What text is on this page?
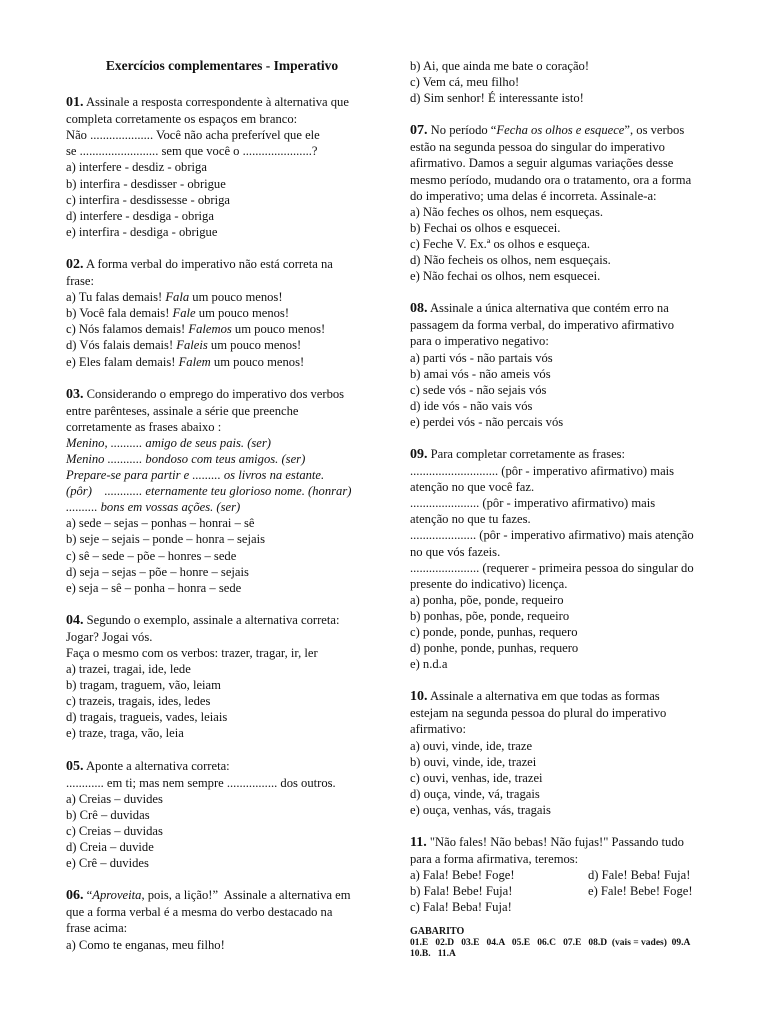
Exercícios complementares - Imperativo
01. Assinale a resposta correspondente à alternativa que
completa corretamente os espaços em branco:
Não .................... Você não acha preferível que ele
se ......................... sem que você o ......................?
a) interfere - desdiz - obriga
b) interfira - desdisser - obrigue
c) interfira - desdissesse - obriga
d) interfere - desdiga - obriga
e) interfira - desdiga - obrigue
02. A forma verbal do imperativo não está correta na
frase:
a) Tu falas demais! Fala um pouco menos!
b) Você fala demais! Fale um pouco menos!
c) Nós falamos demais! Falemos um pouco menos!
d) Vós falais demais! Faleis um pouco menos!
e) Eles falam demais! Falem um pouco menos!
03. Considerando o emprego do imperativo dos verbos
entre parênteses, assinale a série que preenche
corretamente as frases abaixo :
Menino, .......... amigo de seus pais. (ser)
Menino ........... bondoso com teus amigos. (ser)
Prepare-se para partir e ......... os livros na estante.
(pôr)    ............ eternamente teu glorioso nome. (honrar)
.......... bons em vossas ações. (ser)
a) sede – sejas – ponhas – honrai – sê
b) seje – sejais – ponde – honra – sejais
c) sê – sede – põe – honres – sede
d) seja – sejas – põe – honre – sejais
e) seja – sê – ponha – honra – sede
04. Segundo o exemplo, assinale a alternativa correta:
Jogar? Jogai vós.
Faça o mesmo com os verbos: trazer, tragar, ir, ler
a) trazei, tragai, ide, lede
b) tragam, traguem, vão, leiam
c) trazeis, tragais, ides, ledes
d) tragais, tragueis, vades, leiais
e) traze, traga, vão, leia
05. Aponte a alternativa correta:
............ em ti; mas nem sempre ................ dos outros.
a) Creias – duvides
b) Crê – duvidas
c) Creias – duvidas
d) Creia – duvide
e) Crê – duvides
06. “Aproveita, pois, a lição!”  Assinale a alternativa em
que a forma verbal é a mesma do verbo destacado na
frase acima:
a) Como te enganas, meu filho!
b) Ai, que ainda me bate o coração!
c) Vem cá, meu filho!
d) Sim senhor! É interessante isto!
07. No período “Fecha os olhos e esquece”, os verbos
estão na segunda pessoa do singular do imperativo
afirmativo. Damos a seguir algumas variações desse
mesmo período, mudando ora o tratamento, ora a forma
do imperativo; uma delas é incorreta. Assinale-a:
a) Não feches os olhos, nem esqueças.
b) Fechai os olhos e esquecei.
c) Feche V. Ex.ª os olhos e esqueça.
d) Não fecheis os olhos, nem esqueçais.
e) Não fechai os olhos, nem esquecei.
08. Assinale a única alternativa que contém erro na
passagem da forma verbal, do imperativo afirmativo
para o imperativo negativo:
a) parti vós - não partais vós
b) amai vós - não ameis vós
c) sede vós - não sejais vós
d) ide vós - não vais vós
e) perdei vós - não percais vós
09. Para completar corretamente as frases:
............................ (pôr - imperativo afirmativo) mais
atenção no que você faz.
...................... (pôr - imperativo afirmativo) mais
atenção no que tu fazes.
..................... (pôr - imperativo afirmativo) mais atenção
no que vós fazeis.
...................... (requerer - primeira pessoa do singular do
presente do indicativo) licença.
a) ponha, põe, ponde, requeiro
b) ponhas, põe, ponde, requeiro
c) ponde, ponde, punhas, requero
d) ponhe, ponde, punhas, requero
e) n.d.a
10. Assinale a alternativa em que todas as formas
estejam na segunda pessoa do plural do imperativo
afirmativo:
a) ouvi, vinde, ide, traze
b) ouvi, vinde, ide, trazei
c) ouvi, venhas, ide, trazei
d) ouça, vinde, vá, tragais
e) ouça, venhas, vás, tragais
11. "Não fales! Não bebas! Não fujas!" Passando tudo
para a forma afirmativa, teremos:
a) Fala! Bebe! Foge!	d) Fale! Beba! Fuja!
b) Fala! Bebe! Fuja!	e) Fale! Bebe! Foge!
c) Fala! Beba! Fuja!
GABARITO
01.E   02.D   03.E   04.A   05.E   06.C   07.E   08.D  (vais = vades)  09.A
10.B.   11.A
